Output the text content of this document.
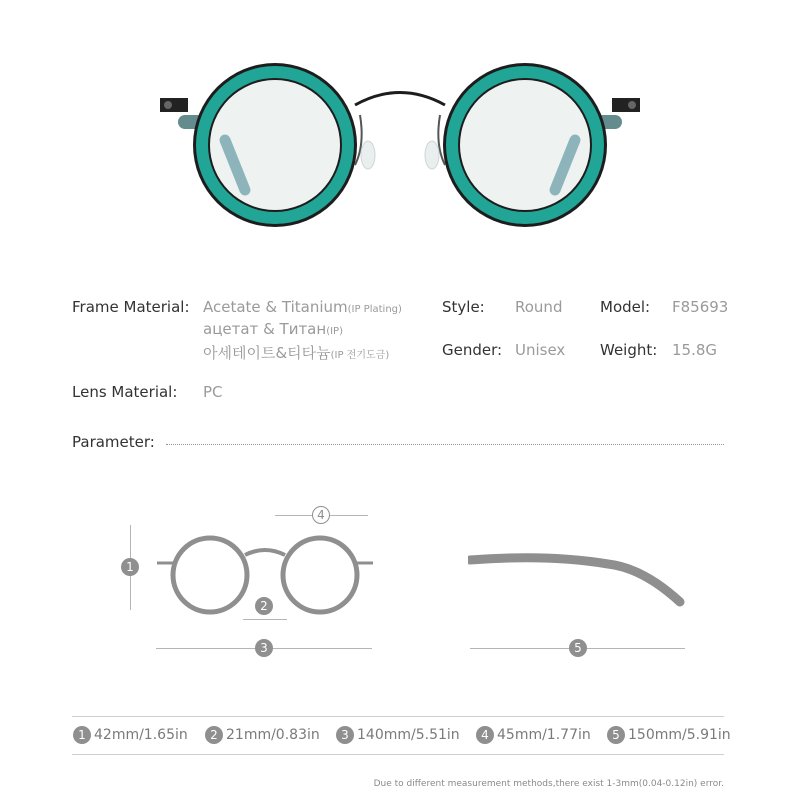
Frame Material: Acetate & Titanium(IP Plating)
ацетат & Титан(IP)
아세테이트&티타늄(IP 전기도금)
Style: Round	Model: F85693
Gender: Unisex Weight: 15.8G
Lens Material: PC
Parameter:
1
2
3
4
5
1 42mm/1.65in	2 21mm/0.83in	3 140mm/5.51in	4 45mm/1.77in	5 150mm/5.91in
Due to different measurement methods,there exist 1-3mm(0.04-0.12in) error.
